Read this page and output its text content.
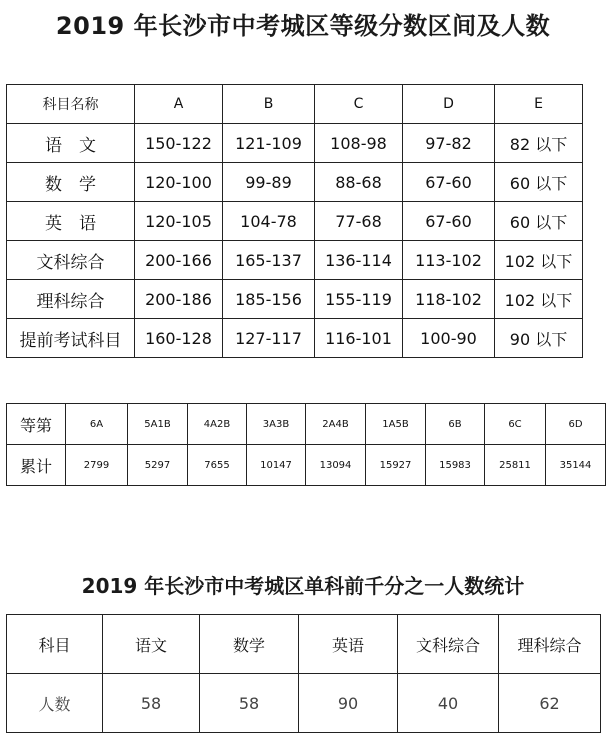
2019 年长沙市中考城区等级分数区间及人数
科目名称	A	B	C	D	E
语　文	150-122	121-109	108-98	97-82	82 以下
数　学	120-100	99-89	88-68	67-60	60 以下
英　语	120-105	104-78	77-68	67-60	60 以下
文科综合	200-166	165-137	136-114	113-102	102 以下
理科综合	200-186	185-156	155-119	118-102	102 以下
提前考试科目	160-128	127-117	116-101	100-90	90 以下
等第	6A	5A1B	4A2B	3A3B	2A4B	1A5B	6B	6C	6D
累计	2799	5297	7655	10147	13094	15927	15983	25811	35144
2019 年长沙市中考城区单科前千分之一人数统计
科目	语文	数学	英语	文科综合	理科综合
人数	58	58	90	40	62
